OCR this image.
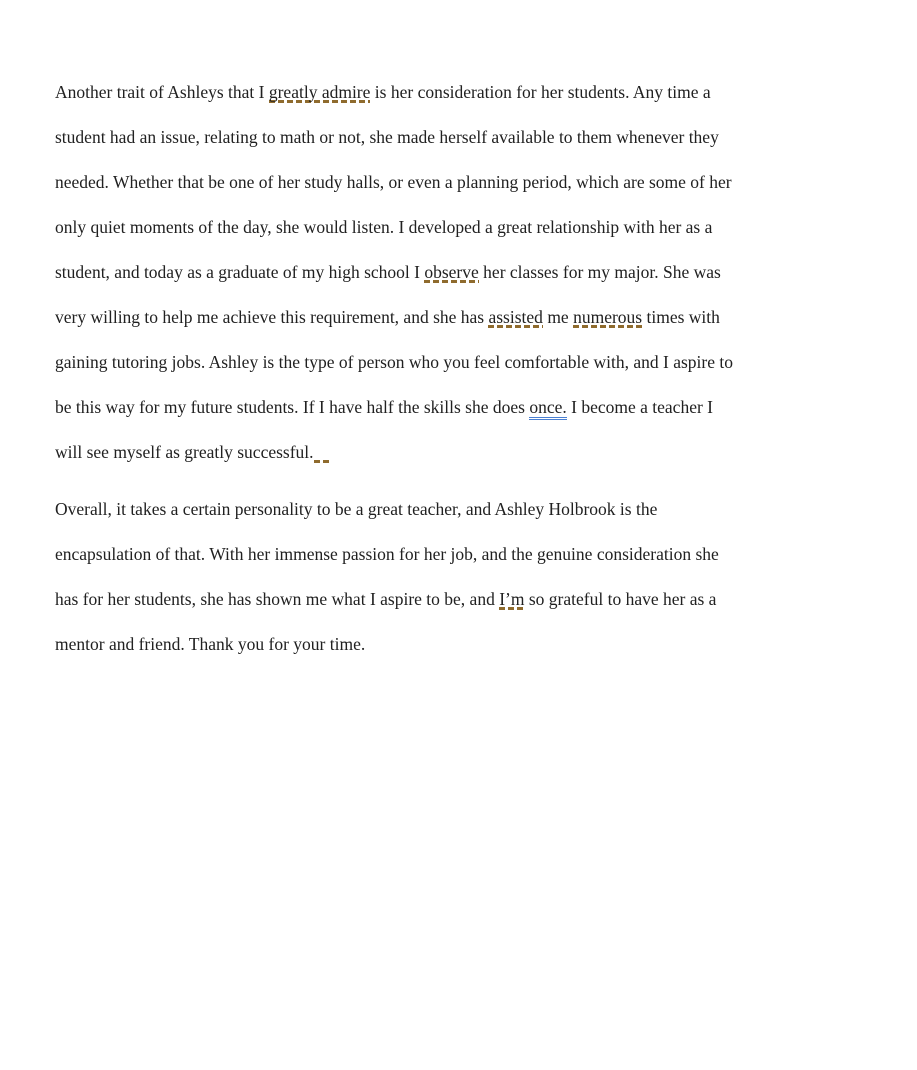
Another trait of Ashleys that I greatly admire is her consideration for her students. Any time a
student had an issue, relating to math or not, she made herself available to them whenever they
needed. Whether that be one of her study halls, or even a planning period, which are some of her
only quiet moments of the day, she would listen. I developed a great relationship with her as a
student, and today as a graduate of my high school I observe her classes for my major. She was
very willing to help me achieve this requirement, and she has assisted me numerous times with
gaining tutoring jobs. Ashley is the type of person who you feel comfortable with, and I aspire to
be this way for my future students. If I have half the skills she does once. I become a teacher I
will see myself as greatly successful.
Overall, it takes a certain personality to be a great teacher, and Ashley Holbrook is the
encapsulation of that. With her immense passion for her job, and the genuine consideration she
has for her students, she has shown me what I aspire to be, and I’m so grateful to have her as a
mentor and friend. Thank you for your time.
